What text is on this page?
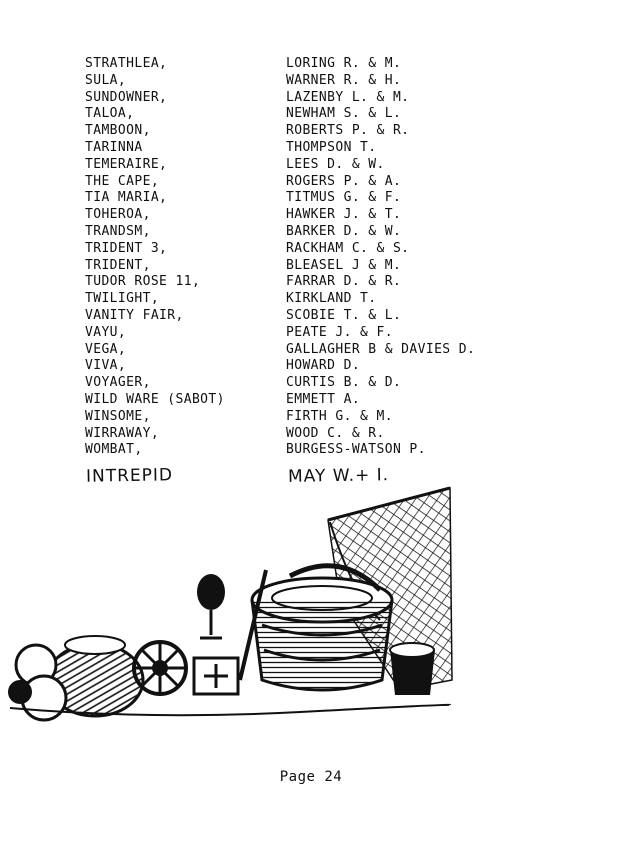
STRATHLEA,	LORING R. & M.
SULA,	WARNER R. & H.
SUNDOWNER,	LAZENBY L. & M.
TALOA,	NEWHAM S. & L.
TAMBOON,	ROBERTS P. & R.
TARINNA	THOMPSON T.
TEMERAIRE,	LEES D. & W.
THE CAPE,	ROGERS P. & A.
TIA MARIA,	TITMUS G. & F.
TOHEROA,	HAWKER J. & T.
TRANDSM,	BARKER D. & W.
TRIDENT 3,	RACKHAM C. & S.
TRIDENT,	BLEASEL J & M.
TUDOR ROSE 11,	FARRAR D. & R.
TWILIGHT,	KIRKLAND T.
VANITY FAIR,	SCOBIE T. & L.
VAYU,	PEATE J. & F.
VEGA,	GALLAGHER B & DAVIES D.
VIVA,	HOWARD D.
VOYAGER,	CURTIS B. & D.
WILD WARE (SABOT)	EMMETT A.
WINSOME,	FIRTH G. & M.
WIRRAWAY,	WOOD C. & R.
WOMBAT,	BURGESS-WATSON P.
INTREPID	MAY W.+ I.
Page 24
